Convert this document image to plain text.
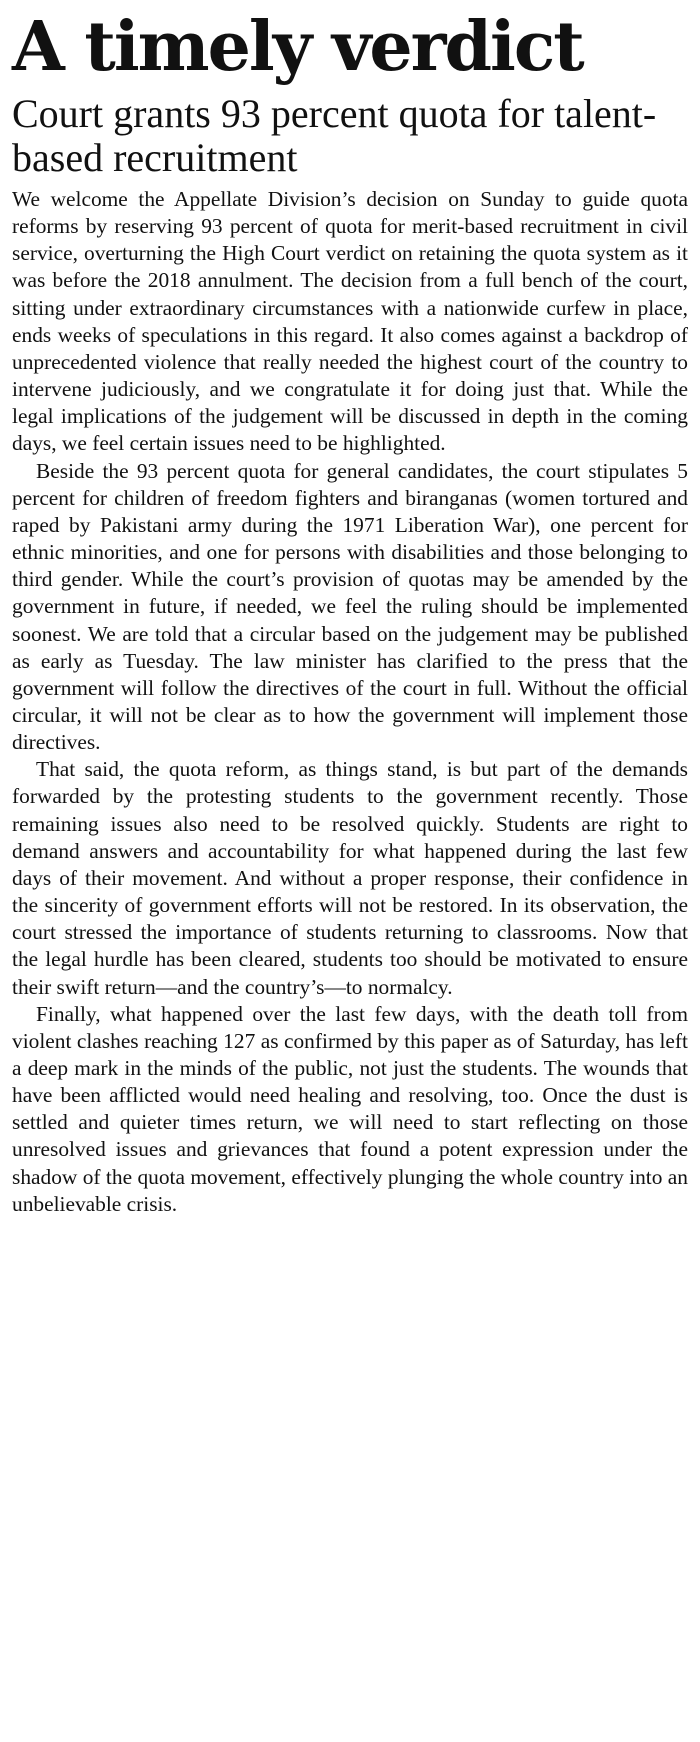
A timely verdict
Court grants 93 percent quota for talent-based recruitment

We welcome the Appellate Division’s decision on Sunday to guide quota reforms by reserving 93 percent of quota for merit-based recruitment in civil service, overturning the High Court verdict on retaining the quota system as it was before the 2018 annulment. The decision from a full bench of the court, sitting under extraordinary circumstances with a nationwide curfew in place, ends weeks of speculations in this regard. It also comes against a backdrop of unprecedented violence that really needed the highest court of the country to intervene judiciously, and we congratulate it for doing just that. While the legal implications of the judgement will be discussed in depth in the coming days, we feel certain issues need to be highlighted.

Beside the 93 percent quota for general candidates, the court stipulates 5 percent for children of freedom fighters and biranganas (women tortured and raped by Pakistani army during the 1971 Liberation War), one percent for ethnic minorities, and one for persons with disabilities and those belonging to third gender. While the court’s provision of quotas may be amended by the government in future, if needed, we feel the ruling should be implemented soonest. We are told that a circular based on the judgement may be published as early as Tuesday. The law minister has clarified to the press that the government will follow the directives of the court in full. Without the official circular, it will not be clear as to how the government will implement those directives.

That said, the quota reform, as things stand, is but part of the demands forwarded by the protesting students to the government recently. Those remaining issues also need to be resolved quickly. Students are right to demand answers and accountability for what happened during the last few days of their movement. And without a proper response, their confidence in the sincerity of government efforts will not be restored. In its observation, the court stressed the importance of students returning to classrooms. Now that the legal hurdle has been cleared, students too should be motivated to ensure their swift return—and the country’s—to normalcy.

Finally, what happened over the last few days, with the death toll from violent clashes reaching 127 as confirmed by this paper as of Saturday, has left a deep mark in the minds of the public, not just the students. The wounds that have been afflicted would need healing and resolving, too. Once the dust is settled and quieter times return, we will need to start reflecting on those unresolved issues and grievances that found a potent expression under the shadow of the quota movement, effectively plunging the whole country into an unbelievable crisis.
